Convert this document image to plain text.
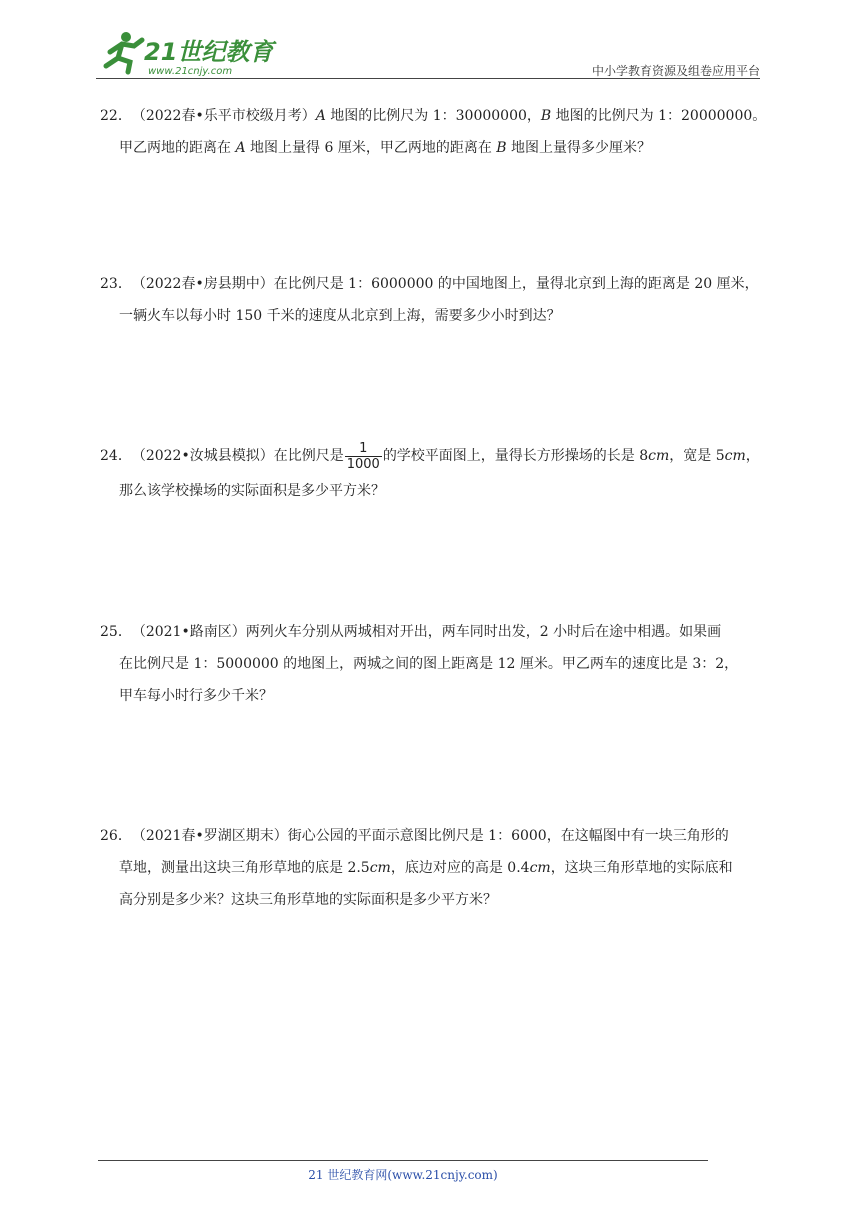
21世纪教育
www.21cnjy.com	中小学教育资源及组卷应用平台
22．（2022春•乐平市校级月考）A 地图的比例尺为 1：30000000，B 地图的比例尺为 1：20000000。
甲乙两地的距离在 A 地图上量得 6 厘米，甲乙两地的距离在 B 地图上量得多少厘米？
23．（2022春•房县期中）在比例尺是 1：6000000 的中国地图上，量得北京到上海的距离是 20 厘米，
一辆火车以每小时 150 千米的速度从北京到上海，需要多少小时到达？
24．（2022•汝城县模拟）在比例尺是 $\frac{1}{1000}$ 的学校平面图上，量得长方形操场的长是 8cm，宽是 5cm，
那么该学校操场的实际面积是多少平方米？
25．（2021•路南区）两列火车分别从两城相对开出，两车同时出发，2 小时后在途中相遇。如果画
在比例尺是 1：5000000 的地图上，两城之间的图上距离是 12 厘米。甲乙两车的速度比是 3：2，
甲车每小时行多少千米？
26．（2021春•罗湖区期末）街心公园的平面示意图比例尺是 1：6000，在这幅图中有一块三角形的
草地，测量出这块三角形草地的底是 2.5cm，底边对应的高是 0.4cm，这块三角形草地的实际底和
高分别是多少米？这块三角形草地的实际面积是多少平方米？
21 世纪教育网(www.21cnjy.com)
